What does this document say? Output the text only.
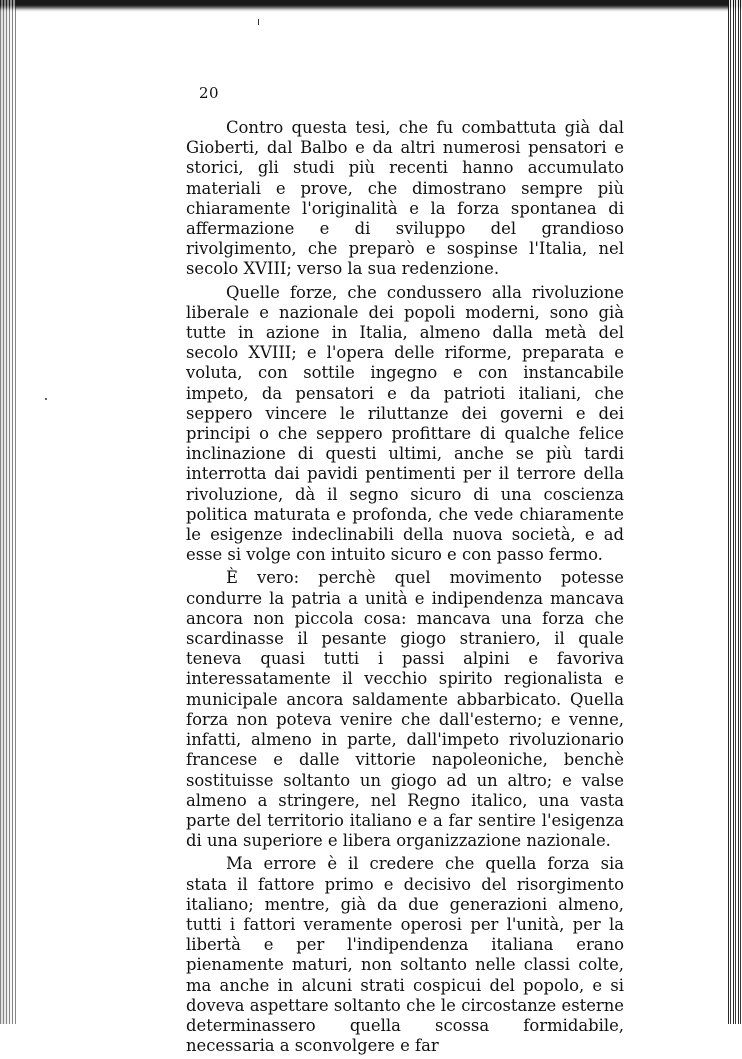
20

Contro questa tesi, che fu combattuta già dal Gioberti, dal Balbo e da altri numerosi pensatori e storici, gli studi più recenti hanno accumulato materiali e prove, che dimostrano sempre più chiaramente l'originalità e la forza spontanea di affermazione e di sviluppo del grandioso rivolgimento, che preparò e sospinse l'Italia, nel secolo XVIII; verso la sua redenzione.

Quelle forze, che condussero alla rivoluzione liberale e nazionale dei popoli moderni, sono già tutte in azione in Italia, almeno dalla metà del secolo XVIII; e l'opera delle riforme, preparata e voluta, con sottile ingegno e con instancabile impeto, da pensatori e da patrioti italiani, che seppero vincere le riluttanze dei governi e dei principi o che seppero profittare di qualche felice inclinazione di questi ultimi, anche se più tardi interrotta dai pavidi pentimenti per il terrore della rivoluzione, dà il segno sicuro di una coscienza politica maturata e profonda, che vede chiaramente le esigenze indeclinabili della nuova società, e ad esse si volge con intuito sicuro e con passo fermo.

È vero: perchè quel movimento potesse condurre la patria a unità e indipendenza mancava ancora non piccola cosa: mancava una forza che scardinasse il pesante giogo straniero, il quale teneva quasi tutti i passi alpini e favoriva interessatamente il vecchio spirito regionalista e municipale ancora saldamente abbarbicato. Quella forza non poteva venire che dall'esterno; e venne, infatti, almeno in parte, dall'impeto rivoluzionario francese e dalle vittorie napoleoniche, benchè sostituisse soltanto un giogo ad un altro; e valse almeno a stringere, nel Regno italico, una vasta parte del territorio italiano e a far sentire l'esigenza di una superiore e libera organizzazione nazionale.

Ma errore è il credere che quella forza sia stata il fattore primo e decisivo del risorgimento italiano; mentre, già da due generazioni almeno, tutti i fattori veramente operosi per l'unità, per la libertà e per l'indipendenza italiana erano pienamente maturi, non soltanto nelle classi colte, ma anche in alcuni strati cospicui del popolo, e si doveva aspettare soltanto che le circostanze esterne determinassero quella scossa formidabile, necessaria a sconvolgere e far
